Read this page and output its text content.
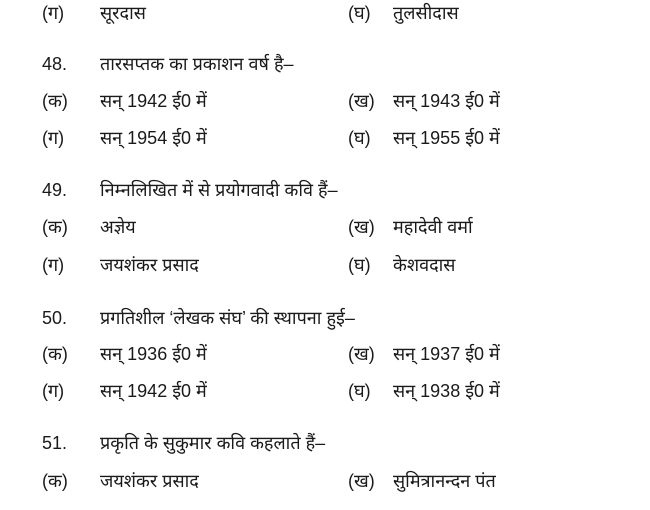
(ग) सूरदास	(घ) तुलसीदास
48. तारसप्तक का प्रकाशन वर्ष है–
(क) सन् 1942 ई0 में	(ख) सन् 1943 ई0 में
(ग) सन् 1954 ई0 में	(घ) सन् 1955 ई0 में
49. निम्नलिखित में से प्रयोगवादी कवि हैं–
(क) अज्ञेय	(ख) महादेवी वर्मा
(ग) जयशंकर प्रसाद	(घ) केशवदास
50. प्रगतिशील ‘लेखक संघ’ की स्थापना हुई–
(क) सन् 1936 ई0 में	(ख) सन् 1937 ई0 में
(ग) सन् 1942 ई0 में	(घ) सन् 1938 ई0 में
51. प्रकृति के सुकुमार कवि कहलाते हैं–
(क) जयशंकर प्रसाद	(ख) सुमित्रानन्दन पंत
